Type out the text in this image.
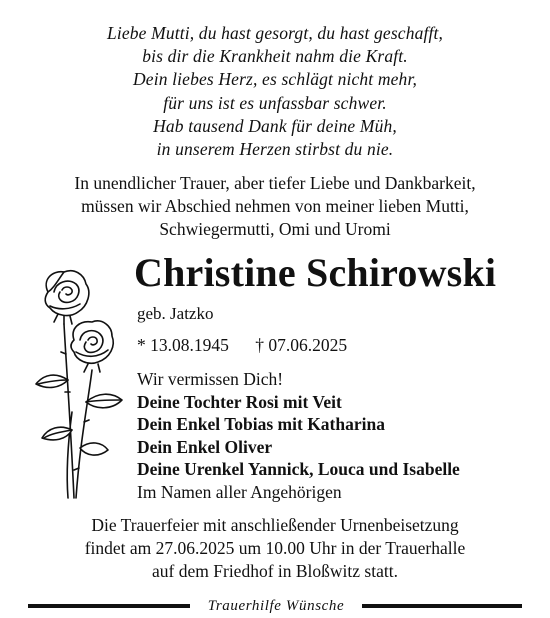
Liebe Mutti, du hast gesorgt, du hast geschafft,
bis dir die Krankheit nahm die Kraft.
Dein liebes Herz, es schlägt nicht mehr,
für uns ist es unfassbar schwer.
Hab tausend Dank für deine Müh,
in unserem Herzen stirbst du nie.
In unendlicher Trauer, aber tiefer Liebe und Dankbarkeit,
müssen wir Abschied nehmen von meiner lieben Mutti,
Schwiegermutti, Omi und Uromi
Christine Schirowski
geb. Jatzko
* 13.08.1945 † 07.06.2025
Wir vermissen Dich!
Deine Tochter Rosi mit Veit
Dein Enkel Tobias mit Katharina
Dein Enkel Oliver
Deine Urenkel Yannick, Louca und Isabelle
Im Namen aller Angehörigen
Die Trauerfeier mit anschließender Urnenbeisetzung
findet am 27.06.2025 um 10.00 Uhr in der Trauerhalle
auf dem Friedhof in Bloßwitz statt.
Trauerhilfe Wünsche
